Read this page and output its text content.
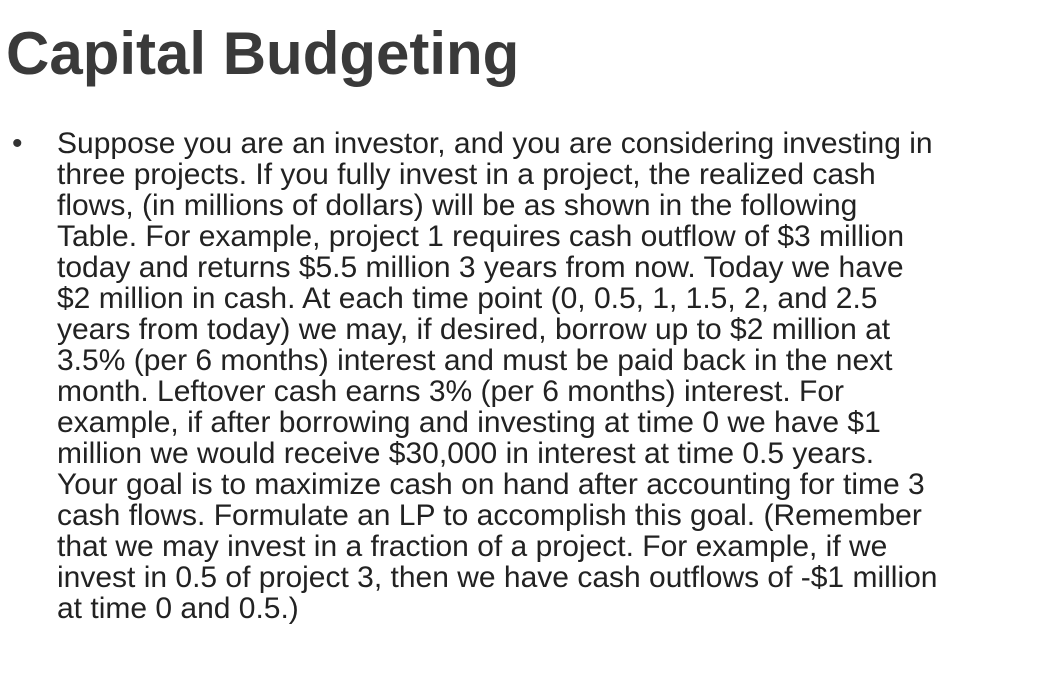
Capital Budgeting
• Suppose you are an investor, and you are considering investing in
three projects. If you fully invest in a project, the realized cash
flows, (in millions of dollars) will be as shown in the following
Table. For example, project 1 requires cash outflow of $3 million
today and returns $5.5 million 3 years from now. Today we have
$2 million in cash. At each time point (0, 0.5, 1, 1.5, 2, and 2.5
years from today) we may, if desired, borrow up to $2 million at
3.5% (per 6 months) interest and must be paid back in the next
month. Leftover cash earns 3% (per 6 months) interest. For
example, if after borrowing and investing at time 0 we have $1
million we would receive $30,000 in interest at time 0.5 years.
Your goal is to maximize cash on hand after accounting for time 3
cash flows. Formulate an LP to accomplish this goal. (Remember
that we may invest in a fraction of a project. For example, if we
invest in 0.5 of project 3, then we have cash outflows of -$1 million
at time 0 and 0.5.)
